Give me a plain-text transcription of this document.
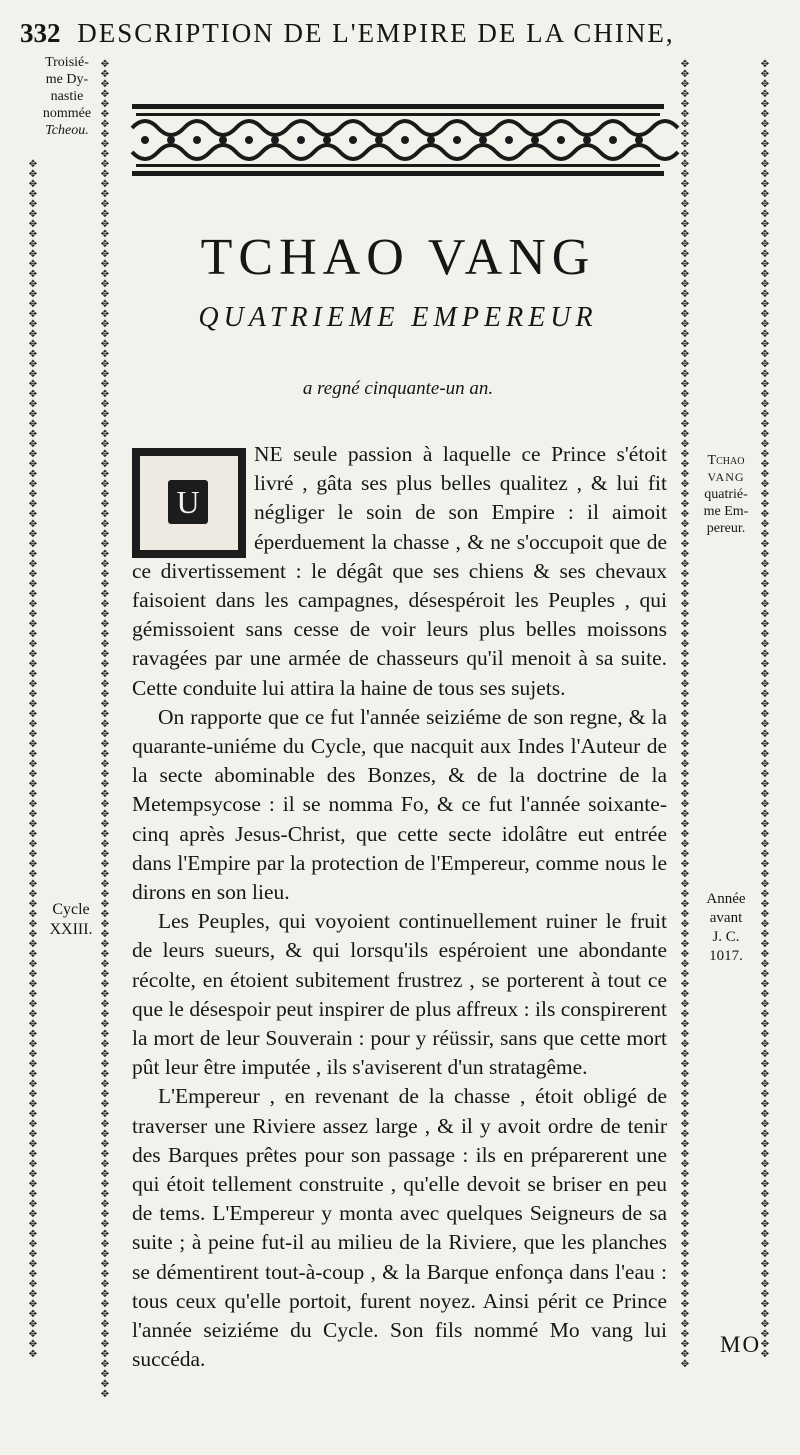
332 DESCRIPTION DE L'EMPIRE DE LA CHINE,
✥ ✥ ✥ ✥ ✥ ✥ ✥ ✥ ✥ ✥ ✥ ✥ ✥ ✥ ✥ ✥ ✥ ✥ ✥ ✥ ✥ ✥ ✥ ✥ ✥ ✥ ✥ ✥ ✥ ✥ ✥ ✥ ✥ ✥ ✥ ✥ ✥ ✥ ✥ ✥ ✥ ✥ ✥ ✥ ✥ ✥ ✥ ✥ ✥ ✥ ✥ ✥ ✥ ✥ ✥ ✥ ✥ ✥ ✥ ✥ ✥ ✥ ✥ ✥ ✥ ✥ ✥ ✥ ✥ ✥ ✥ ✥ ✥ ✥ ✥ ✥ ✥ ✥ ✥ ✥ ✥ ✥ ✥ ✥ ✥ ✥ ✥ ✥ ✥ ✥ ✥ ✥ ✥ ✥ ✥ ✥ ✥ ✥ ✥ ✥ ✥ ✥ ✥ ✥ ✥ ✥ ✥ ✥ ✥ ✥ ✥ ✥ ✥ ✥ ✥ ✥ ✥ ✥ ✥ ✥ ✥ ✥ ✥ ✥ ✥ ✥ ✥ ✥ ✥ ✥ ✥ ✥ ✥ ✥
✥ ✥ ✥ ✥ ✥ ✥ ✥ ✥ ✥ ✥ ✥ ✥ ✥ ✥ ✥ ✥ ✥ ✥ ✥ ✥ ✥ ✥ ✥ ✥ ✥ ✥ ✥ ✥ ✥ ✥ ✥ ✥ ✥ ✥ ✥ ✥ ✥ ✥ ✥ ✥ ✥ ✥ ✥ ✥ ✥ ✥ ✥ ✥ ✥ ✥ ✥ ✥ ✥ ✥ ✥ ✥ ✥ ✥ ✥ ✥ ✥ ✥ ✥ ✥ ✥ ✥ ✥ ✥ ✥ ✥ ✥ ✥ ✥ ✥ ✥ ✥ ✥ ✥ ✥ ✥ ✥ ✥ ✥ ✥ ✥ ✥ ✥ ✥ ✥ ✥ ✥ ✥ ✥ ✥ ✥ ✥ ✥ ✥ ✥ ✥ ✥ ✥ ✥ ✥ ✥ ✥ ✥ ✥ ✥ ✥ ✥ ✥ ✥ ✥ ✥ ✥ ✥ ✥ ✥ ✥
✥ ✥ ✥ ✥ ✥ ✥ ✥ ✥ ✥ ✥ ✥ ✥ ✥ ✥ ✥ ✥ ✥ ✥ ✥ ✥ ✥ ✥ ✥ ✥ ✥ ✥ ✥ ✥ ✥ ✥ ✥ ✥ ✥ ✥ ✥ ✥ ✥ ✥ ✥ ✥ ✥ ✥ ✥ ✥ ✥ ✥ ✥ ✥ ✥ ✥ ✥ ✥ ✥ ✥ ✥ ✥ ✥ ✥ ✥ ✥ ✥ ✥ ✥ ✥ ✥ ✥ ✥ ✥ ✥ ✥ ✥ ✥ ✥ ✥ ✥ ✥ ✥ ✥ ✥ ✥ ✥ ✥ ✥ ✥ ✥ ✥ ✥ ✥ ✥ ✥ ✥ ✥ ✥ ✥ ✥ ✥ ✥ ✥ ✥ ✥ ✥ ✥ ✥ ✥ ✥ ✥ ✥ ✥ ✥ ✥ ✥ ✥ ✥ ✥ ✥ ✥ ✥ ✥ ✥ ✥ ✥ ✥ ✥ ✥ ✥ ✥ ✥ ✥ ✥ ✥ ✥
✥ ✥ ✥ ✥ ✥ ✥ ✥ ✥ ✥ ✥ ✥ ✥ ✥ ✥ ✥ ✥ ✥ ✥ ✥ ✥ ✥ ✥ ✥ ✥ ✥ ✥ ✥ ✥ ✥ ✥ ✥ ✥ ✥ ✥ ✥ ✥ ✥ ✥ ✥ ✥ ✥ ✥ ✥ ✥ ✥ ✥ ✥ ✥ ✥ ✥ ✥ ✥ ✥ ✥ ✥ ✥ ✥ ✥ ✥ ✥ ✥ ✥ ✥ ✥ ✥ ✥ ✥ ✥ ✥ ✥ ✥ ✥ ✥ ✥ ✥ ✥ ✥ ✥ ✥ ✥ ✥ ✥ ✥ ✥ ✥ ✥ ✥ ✥ ✥ ✥ ✥ ✥ ✥ ✥ ✥ ✥ ✥ ✥ ✥ ✥ ✥ ✥ ✥ ✥ ✥ ✥ ✥ ✥ ✥ ✥ ✥ ✥ ✥ ✥ ✥ ✥ ✥ ✥ ✥ ✥ ✥ ✥ ✥ ✥ ✥ ✥ ✥ ✥ ✥ ✥
TCHAO VANG
QUATRIEME EMPEREUR
a regné cinquante-un an.
U

NE seule passion à laquelle ce Prince s'étoit livré , gâta ses plus belles qualitez , & lui fit négliger le soin de son Empire : il aimoit éperduement la chasse , & ne s'occupoit que de ce divertissement : le dégât que ses chiens & ses chevaux faisoient dans les campagnes, désespéroit les Peuples , qui gémissoient sans cesse de voir leurs plus belles moissons ravagées par une armée de chasseurs qu'il menoit à sa suite. Cette conduite lui attira la haine de tous ses sujets.

On rapporte que ce fut l'année seiziéme de son regne, & la quarante-uniéme du Cycle, que nacquit aux Indes l'Auteur de la secte abominable des Bonzes, & de la doctrine de la Metempsycose : il se nomma Fo, & ce fut l'année soixante-cinq après Jesus-Christ, que cette secte idolâtre eut entrée dans l'Empire par la protection de l'Empereur, comme nous le dirons en son lieu.

Les Peuples, qui voyoient continuellement ruiner le fruit de leurs sueurs, & qui lorsqu'ils espéroient une abondante récolte, en étoient subitement frustrez , se porterent à tout ce que le désespoir peut inspirer de plus affreux : ils conspirerent la mort de leur Souverain : pour y réüssir, sans que cette mort pût leur être imputée , ils s'aviserent d'un stratagême.

L'Empereur , en revenant de la chasse , étoit obligé de traverser une Riviere assez large , & il y avoit ordre de tenir des Barques prêtes pour son passage : ils en préparerent une qui étoit tellement construite , qu'elle devoit se briser en peu de tems. L'Empereur y monta avec quelques Seigneurs de sa suite ; à peine fut-il au milieu de la Riviere, que les planches se démentirent tout-à-coup , & la Barque enfonça dans l'eau : tous ceux qu'elle portoit, furent noyez. Ainsi périt ce Prince l'année seiziéme du Cycle. Son fils nommé Mo vang lui succéda.

Troisié-
me Dy-
nastie
nommée
Tcheou.
Cycle
XXIII.
Tchao
VANG
quatrié-
me Em-
pereur.
Année
avant
J. C.
1017.
MO
